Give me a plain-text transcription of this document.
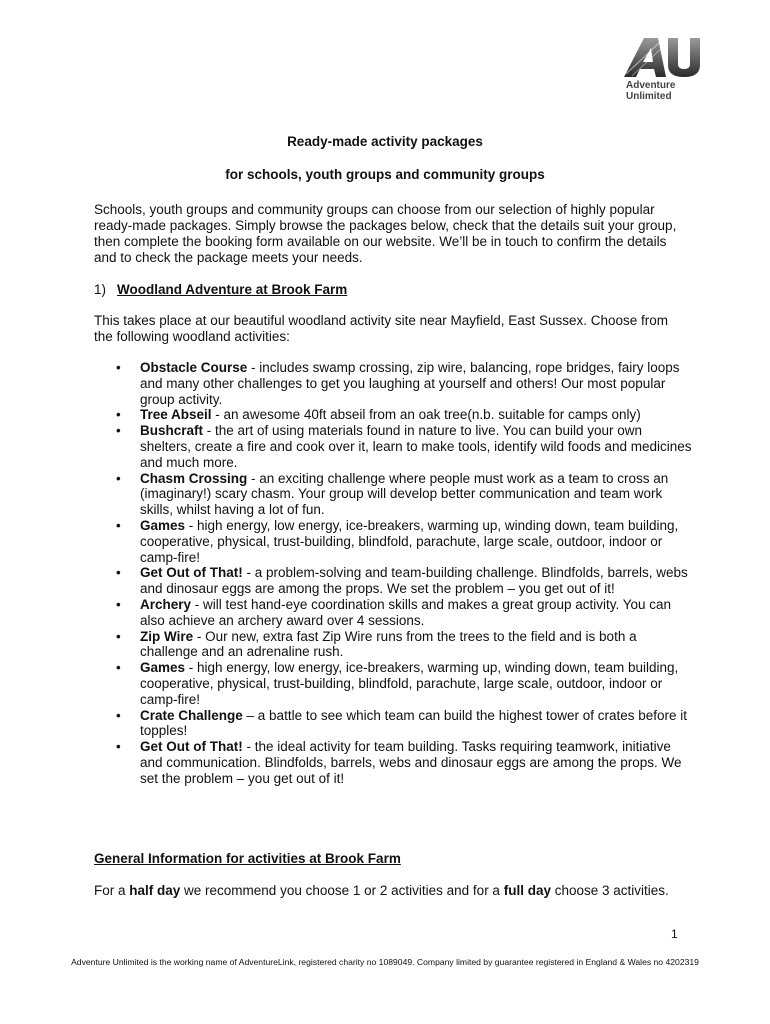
Adventure
Unlimited
Ready-made activity packages
for schools, youth groups and community groups
Schools, youth groups and community groups can choose from our selection of highly popular ready-made packages. Simply browse the packages below, check that the details suit your group, then complete the booking form available on our website. We’ll be in touch to confirm the details and to check the package meets your needs.
1) Woodland Adventure at Brook Farm
This takes place at our beautiful woodland activity site near Mayfield, East Sussex. Choose from the following woodland activities:
• Obstacle Course - includes swamp crossing, zip wire, balancing, rope bridges, fairy loops and many other challenges to get you laughing at yourself and others! Our most popular group activity.
• Tree Abseil - an awesome 40ft abseil from an oak tree(n.b. suitable for camps only)
• Bushcraft - the art of using materials found in nature to live. You can build your own shelters, create a fire and cook over it, learn to make tools, identify wild foods and medicines and much more.
• Chasm Crossing - an exciting challenge where people must work as a team to cross an (imaginary!) scary chasm. Your group will develop better communication and team work skills, whilst having a lot of fun.
• Games - high energy, low energy, ice-breakers, warming up, winding down, team building, cooperative, physical, trust-building, blindfold, parachute, large scale, outdoor, indoor or camp-fire!
• Get Out of That! - a problem-solving and team-building challenge. Blindfolds, barrels, webs and dinosaur eggs are among the props. We set the problem – you get out of it!
• Archery - will test hand-eye coordination skills and makes a great group activity. You can also achieve an archery award over 4 sessions.
• Zip Wire - Our new, extra fast Zip Wire runs from the trees to the field and is both a challenge and an adrenaline rush.
• Games - high energy, low energy, ice-breakers, warming up, winding down, team building, cooperative, physical, trust-building, blindfold, parachute, large scale, outdoor, indoor or camp-fire!
• Crate Challenge – a battle to see which team can build the highest tower of crates before it topples!
• Get Out of That! - the ideal activity for team building. Tasks requiring teamwork, initiative and communication. Blindfolds, barrels, webs and dinosaur eggs are among the props. We set the problem – you get out of it!
General Information for activities at Brook Farm
For a half day we recommend you choose 1 or 2 activities and for a full day choose 3 activities.
1
Adventure Unlimited is the working name of AdventureLink, registered charity no 1089049. Company limited by guarantee registered in England & Wales no 4202319
